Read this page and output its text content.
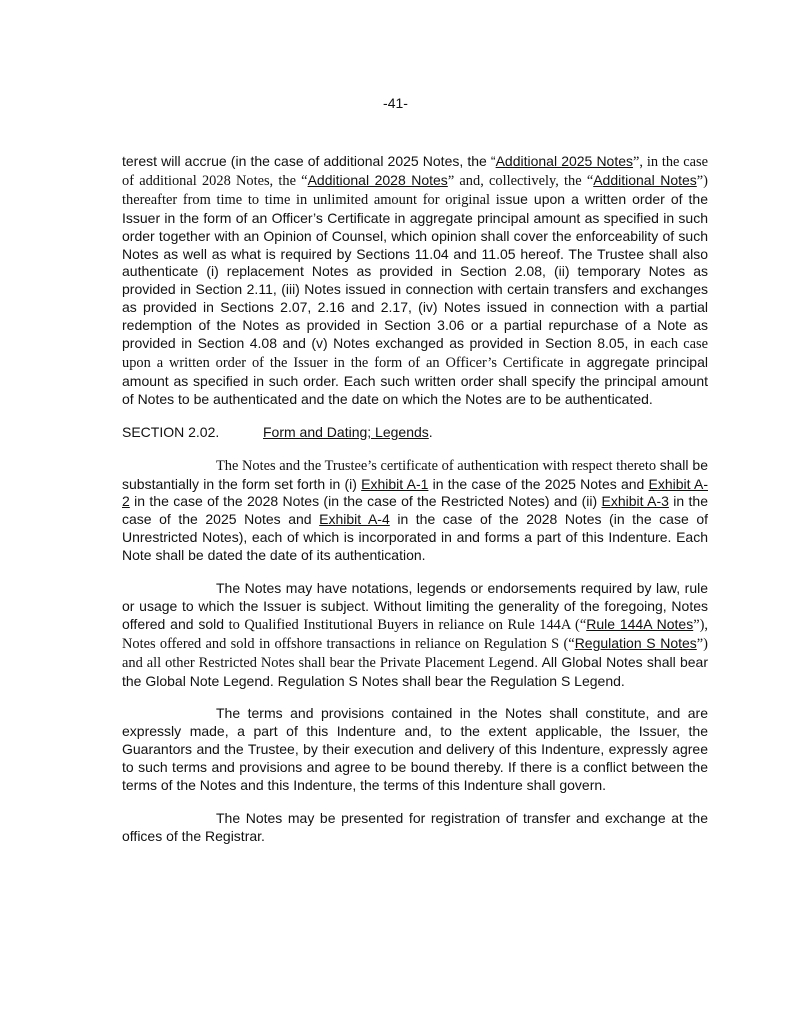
-41-

terest will accrue (in the case of additional 2025 Notes, the “Additional 2025 Notes”, in the case of additional 2028 Notes, the “Additional 2028 Notes” and, collectively, the “Additional Notes”) thereafter from time to time in unlimited amount for original issue upon a written order of the Issuer in the form of an Officer’s Certificate in aggregate principal amount as specified in such order together with an Opinion of Counsel, which opinion shall cover the enforceability of such Notes as well as what is required by Sections 11.04 and 11.05 hereof. The Trustee shall also authenticate (i) replacement Notes as provided in Section 2.08, (ii) temporary Notes as provided in Section 2.11, (iii) Notes issued in connection with certain transfers and exchanges as provided in Sections 2.07, 2.16 and 2.17, (iv) Notes issued in connection with a partial redemption of the Notes as provided in Section 3.06 or a partial repurchase of a Note as provided in Section 4.08 and (v) Notes exchanged as provided in Section 8.05, in each case upon a written order of the Issuer in the form of an Officer’s Certificate in aggregate principal amount as specified in such order. Each such written order shall specify the principal amount of Notes to be authenticated and the date on which the Notes are to be authenticated.

SECTION 2.02.	Form and Dating; Legends.

The Notes and the Trustee’s certificate of authentication with respect thereto shall be substantially in the form set forth in (i) Exhibit A-1 in the case of the 2025 Notes and Exhibit A-2 in the case of the 2028 Notes (in the case of the Restricted Notes) and (ii) Exhibit A-3 in the case of the 2025 Notes and Exhibit A-4 in the case of the 2028 Notes (in the case of Unrestricted Notes), each of which is incorporated in and forms a part of this Indenture. Each Note shall be dated the date of its authentication.

The Notes may have notations, legends or endorsements required by law, rule or usage to which the Issuer is subject. Without limiting the generality of the foregoing, Notes offered and sold to Qualified Institutional Buyers in reliance on Rule 144A (“Rule 144A Notes”), Notes offered and sold in offshore transactions in reliance on Regulation S (“Regulation S Notes”) and all other Restricted Notes shall bear the Private Placement Legend. All Global Notes shall bear the Global Note Legend. Regulation S Notes shall bear the Regulation S Legend.

The terms and provisions contained in the Notes shall constitute, and are expressly made, a part of this Indenture and, to the extent applicable, the Issuer, the Guarantors and the Trustee, by their execution and delivery of this Indenture, expressly agree to such terms and provisions and agree to be bound thereby. If there is a conflict between the terms of the Notes and this Indenture, the terms of this Indenture shall govern.

The Notes may be presented for registration of transfer and exchange at the offices of the Registrar.
